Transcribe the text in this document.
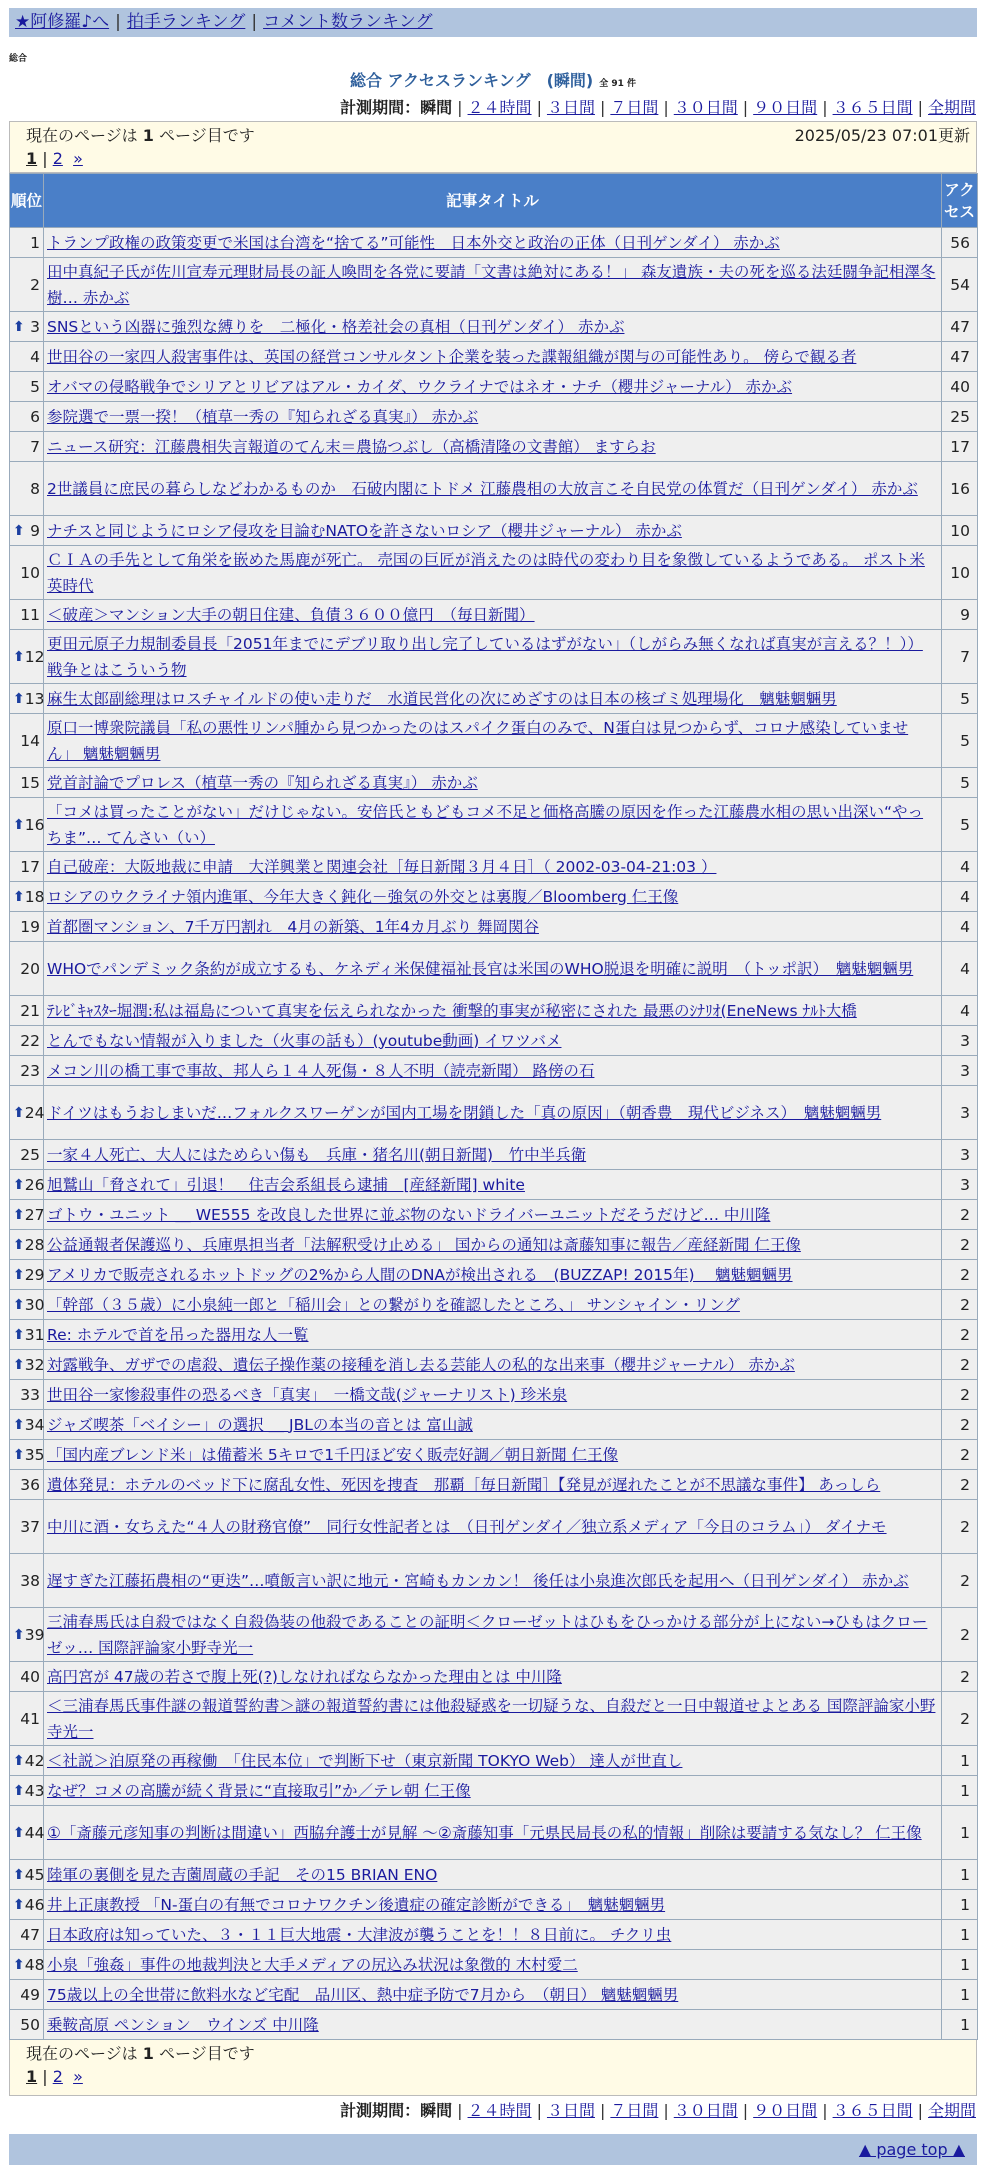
★阿修羅♪へ | 拍手ランキング | コメント数ランキング
総合
総合 アクセスランキング　(瞬間) 全 91 件
計測期間：瞬間 | ２４時間 | ３日間 | ７日間 | ３０日間 | ９０日間 | ３６５日間 | 全期間
現在のページは 1 ページ目です	2025/05/23 07:01更新
1 | 2 »
順位	記事タイトル	アクセス
1	トランプ政権の政策変更で米国は台湾を“捨てる”可能性　日本外交と政治の正体（日刊ゲンダイ） 赤かぶ	56
2	田中真紀子氏が佐川宣寿元理財局長の証人喚問を各党に要請「文書は絶対にある！」 森友遺族・夫の死を巡る法廷闘争記相澤冬樹… 赤かぶ	54

⬆ 3	SNSという凶器に強烈な縛りを　二極化・格差社会の真相（日刊ゲンダイ） 赤かぶ	47
4	世田谷の一家四人殺害事件は、英国の経営コンサルタント企業を装った諜報組織が関与の可能性あり。 傍らで観る者	47
5	オバマの侵略戦争でシリアとリビアはアル・カイダ、ウクライナではネオ・ナチ（櫻井ジャーナル） 赤かぶ	40
6	参院選で一票一揆！（植草一秀の『知られざる真実』） 赤かぶ	25
7	ニュース研究：江藤農相失言報道のてん末＝農協つぶし（高橋清隆の文書館） ますらお	17
8	2世議員に庶民の暮らしなどわかるものか　石破内閣にトドメ 江藤農相の大放言こそ自民党の体質だ（日刊ゲンダイ） 赤かぶ	16

⬆ 9	ナチスと同じようにロシア侵攻を目論むNATOを許さないロシア（櫻井ジャーナル） 赤かぶ	10
10	ＣＩＡの手先として角栄を嵌めた馬鹿が死亡。 売国の巨匠が消えたのは時代の変わり目を象徴しているようである。 ポスト米英時代	10
11	＜破産＞マンション大手の朝日住建、負債３６００億円　（毎日新聞）	9

⬆ 12	更田元原子力規制委員長「2051年までにデブリ取り出し完了しているはずがない」（しがらみ無くなれば真実が言える？！）） 戦争とはこういう物	7

⬆ 13	麻生太郎副総理はロスチャイルドの使い走りだ　水道民営化の次にめざすのは日本の核ゴミ処理場化　魑魅魍魎男	5
14	原口一博衆院議員「私の悪性リンパ腫から見つかったのはスパイク蛋白のみで、N蛋白は見つからず、コロナ感染していません」 魑魅魍魎男	5
15	党首討論でプロレス（植草一秀の『知られざる真実』） 赤かぶ	5

⬆ 16	「コメは買ったことがない」だけじゃない。安倍氏ともどもコメ不足と価格高騰の原因を作った江藤農水相の思い出深い“やっちま”… てんさい（い）	5
17	自己破産：大阪地裁に申請　大洋興業と関連会社［毎日新聞３月４日］（ 2002-03-04-21:03 ）	4

⬆ 18	ロシアのウクライナ領内進軍、今年大きく鈍化－強気の外交とは裏腹／Bloomberg 仁王像	4
19	首都圏マンション、7千万円割れ　4月の新築、1年4カ月ぶり 舞岡関谷	4
20	WHOでパンデミック条約が成立するも、ケネディ米保健福祉長官は米国のWHO脱退を明確に説明　（トッポ訳）　魑魅魍魎男	4
21	ﾃﾚﾋﾞｷｬｽﾀｰ堀潤:私は福島について真実を伝えられなかった 衝撃的事実が秘密にされた 最悪のｼﾅﾘｵ(EneNews ﾅﾙﾄ大橋	4
22	とんでもない情報が入りました（火事の話も）(youtube動画) イワツバメ	3
23	メコン川の橋工事で事故、邦人ら１４人死傷・８人不明（読売新聞） 路傍の石	3

⬆ 24	ドイツはもうおしまいだ…フォルクスワーゲンが国内工場を閉鎖した「真の原因」（朝香豊　現代ビジネス）　魑魅魍魎男	3
25	一家４人死亡、大人にはためらい傷も　兵庫・猪名川(朝日新聞)　竹中半兵衛	3

⬆ 26	旭鷲山「脅されて」引退！　住吉会系組長ら逮捕　[産経新聞] white	3

⬆ 27	ゴトウ・ユニット ＿ WE555 を改良した世界に並ぶ物のないドライバーユニットだそうだけど… 中川隆	2

⬆ 28	公益通報者保護巡り、兵庫県担当者「法解釈受け止める」 国からの通知は斎藤知事に報告／産経新聞 仁王像	2

⬆ 29	アメリカで販売されるホットドッグの2%から人間のDNAが検出される　(BUZZAP! 2015年)　 魑魅魍魎男	2

⬆ 30	「幹部（３５歳）に小泉純一郎と「稲川会」との繋がりを確認したところ、」 サンシャイン・リング	2

⬆ 31	Re: ホテルで首を吊った器用な人一覧	2

⬆ 32	対露戦争、ガザでの虐殺、遺伝子操作薬の接種を消し去る芸能人の私的な出来事（櫻井ジャーナル） 赤かぶ	2
33	世田谷一家惨殺事件の恐るべき「真実」　一橋文哉(ジャーナリスト) 珍米泉	2

⬆ 34	ジャズ喫茶「ベイシー」の選択 ＿ JBLの本当の音とは 富山誠	2

⬆ 35	「国内産ブレンド米」は備蓄米 5キロで1千円ほど安く販売好調／朝日新聞 仁王像	2
36	遺体発見：ホテルのベッド下に腐乱女性、死因を捜査　那覇［毎日新聞］【発見が遅れたことが不思議な事件】 あっしら	2
37	中川に酒・女ちえた“４人の財務官僚”　同行女性記者とは　（日刊ゲンダイ／独立系メディア「今日のコラム」） ダイナモ	2
38	遅すぎた江藤拓農相の“更迭”…噴飯言い訳に地元・宮崎もカンカン！ 後任は小泉進次郎氏を起用へ（日刊ゲンダイ） 赤かぶ	2

⬆ 39	三浦春馬氏は自殺ではなく自殺偽装の他殺であることの証明＜クローゼットはひもをひっかける部分が上にない→ひもはクローゼッ… 国際評論家小野寺光一	2
40	高円宮が 47歳の若さで腹上死(?)しなければならなかった理由とは 中川隆	2
41	＜三浦春馬氏事件謎の報道誓約書＞謎の報道誓約書には他殺疑惑を一切疑うな、自殺だと一日中報道せよとある 国際評論家小野寺光一	2

⬆ 42	＜社説＞泊原発の再稼働　「住民本位」で判断下せ（東京新聞 TOKYO Web） 達人が世直し	1

⬆ 43	なぜ？コメの高騰が続く背景に“直接取引”か／テレ朝 仁王像	1

⬆ 44	①「斎藤元彦知事の判断は間違い」西脇弁護士が見解 ～②斎藤知事「元県民局長の私的情報」削除は要請する気なし？ 仁王像	1

⬆ 45	陸軍の裏側を見た吉薗周蔵の手記　その15 BRIAN ENO	1

⬆ 46	井上正康教授 「N-蛋白の有無でコロナワクチン後遺症の確定診断ができる」　魑魅魍魎男	1
47	日本政府は知っていた、３・１１巨大地震・大津波が襲うことを！！８日前に。 チクリ虫	1

⬆ 48	小泉「強姦」事件の地裁判決と大手メディアの尻込み状況は象徴的 木村愛二	1
49	75歳以上の全世帯に飲料水など宅配　品川区、熱中症予防で7月から　（朝日） 魑魅魍魎男	1
50	乗鞍高原 ペンション　ウインズ 中川隆	1
現在のページは 1 ページ目です
1 | 2 »
計測期間：瞬間 | ２４時間 | ３日間 | ７日間 | ３０日間 | ９０日間 | ３６５日間 | 全期間
▲ page top ▲
